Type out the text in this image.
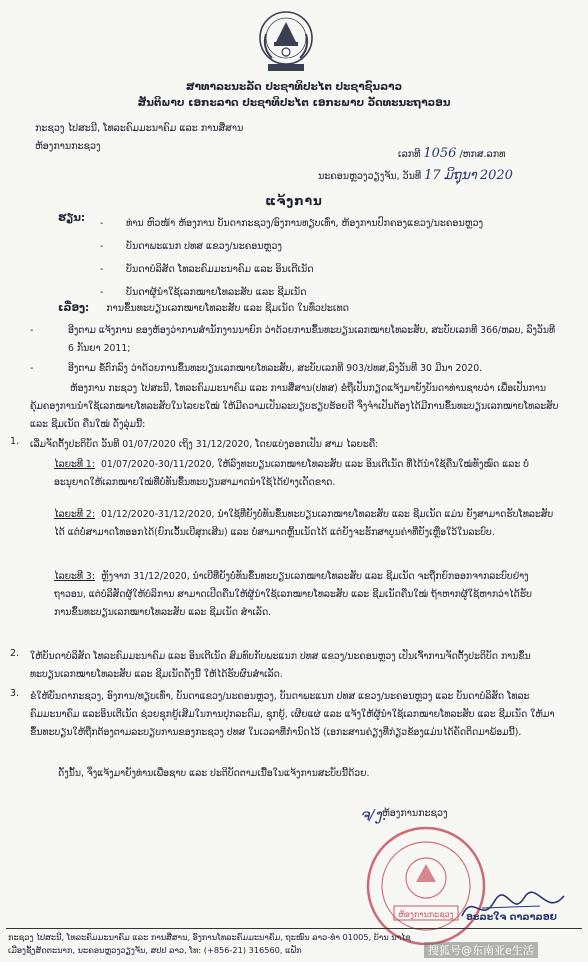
ສາທາລະນະລັດ ປະຊາທິປະໄຕ ປະຊາຊົນລາວ
ສັນຕິພາບ ເອກະລາດ ປະຊາທິປະໄຕ ເອກະພາບ ວັດທະນະຖາວອນ
ກະຊວງ ໄປສະນີ, ໂທລະຄົມມະນາຄົມ ແລະ ການສື່ສານ
ຫ້ອງການກະຊວງ
ເລກທີ 1056 /ຫກສ.ລກທ
ນະຄອນຫຼວງວຽງຈັນ, ວັນທີ 17 ມິຖຸນາ 2020
ແຈ້ງການ
ຮຽນ: -	ທ່ານ ຫົວໜ້າ ຫ້ອງການ ບັນດາກະຊວງ/ອົງການທຽບເທົ່າ, ຫ້ອງການປົກຄອງແຂວງ/ນະຄອນຫຼວງ
-	ບັນດາພະແນກ ປທສ ແຂວງ/ນະຄອນຫຼວງ
-	ບັນດາບໍລິສັດ ໂທລະຄົມມະນາຄົມ ແລະ ອິນເຕີເນັດ
-	ບັນດາຜູ້ນຳໃຊ້ເລກໝາຍໂທລະສັບ ແລະ ຊີມເນັດ
ເລື່ອງ: ການຂຶ້ນທະບຽນເລກໝາຍໂທລະສັບ ແລະ ຊີມເນັດ ໃນທົ່ວປະເທດ
-	ອີງຕາມ ແຈ້ງການ ຂອງຫ້ອງວ່າການສຳນັກງານນາຍົກ ວ່າດ້ວຍການຂຶ້ນທະບຽນເລກໝາຍໂທລະສັບ, ສະບັບເລກທີ 366/ຫລບ, ລົງວັນທີ 6 ກັນຍາ 2011;
-	ອີງຕາມ ຂໍ້ຕົກລົງ ວ່າດ້ວຍການຂຶ້ນທະບຽນເລກໝາຍໂທລະສັບ, ສະບັບເລກທີ 903/ປທສ,ລົງວັນທີ 30 ມີນາ 2020.
ຫ້ອງການ ກະຊວງ ໄປສະນີ, ໂທລະຄົມມະນາຄົມ ແລະ ການສື່ສານ(ປທສ) ຂໍຖືເປັນກຽດແຈ້ງມາຍັງບັນດາທ່ານຊາບວ່າ ເພື່ອເປັນການຄຸ້ມຄອງການນຳໃຊ້ເລກໝາຍໂທລະສັບໃນໄລຍະໃໝ່ ໃຫ້ມີຄວາມເປັນລະບຽບຮຽບຮ້ອຍດີ ຈຶ່ງຈຳເປັນຕ້ອງໄດ້ມີການຂຶ້ນທະບຽນເລກໝາຍໂທລະສັບ ແລະ ຊີມເນັດ ຄືນໃໝ່ ດັ່ງລຸ່ມນີ້:
1. ເລີ່ມຈັດຕັ້ງປະຕິບັດ ວັນທີ 01/07/2020 ເຖິງ 31/12/2020, ໂດຍແບ່ງອອກເປັນ ສາມ ໄລຍະຄື:
ໄລຍະທີ 1: 01/07/2020-30/11/2020, ໃຫ້ລົງທະບຽນເລກໝາຍໂທລະສັບ ແລະ ອິນເຕີເນັດ ທີ່ໄດ້ນຳໃຊ້ຄືນໃໝ່ທັງໝົດ ແລະ ບໍ່ອະນຸຍາດໃຫ້ເລກໝາຍໃໝ່ທີ່ບໍ່ທັນຂຶ້ນທະບຽນສາມາດນຳໃຊ້ໄດ້ຢ່າງເດັດຂາດ.
ໄລຍະທີ 2: 01/12/2020-31/12/2020, ນຳໃຊ້ທີ່ຍັງບໍ່ທັນຂຶ້ນທະບຽນເລກໝາຍໂທລະສັບ ແລະ ຊີມເນັດ ແມ່ນ ຍັງສາມາດຮັບໂທລະສັບໄດ້ ແຕ່ບໍ່ສາມາດໂທອອກໄດ້(ຍົກເວັ້ນເບີສຸກເສີນ) ແລະ ບໍ່ສາມາດຫຼິ້ນເນັດໄດ້ ແຕ່ຍັງຈະຮັກສາບູນຄ່າທີ່ຍັງເຫຼືອໃວ້ໃນລະບົບ.
ໄລຍະທີ 3: ຫຼັງຈາກ 31/12/2020, ນຳເບີທີ່ຍັງບໍ່ທັນຂຶ້ນທະບຽນເລກໝາຍໂທລະສັບ ແລະ ຊີມເນັດ ຈະຖືກຍົກອອກຈາກລະບົບຢ່າງຖາວອນ, ແຕ່ບໍລິສັດຜູ້ໃຫ້ບໍລິການ ສາມາດເປີດຄືນໃຫ້ຜູ້ນຳໃຊ້ເລກໝາຍໂທລະສັບ ແລະ ຊີມເນັດຄືນໃໝ່ ຖ້າຫາກຜູ້ໃຊ້ຫາກວ່າໄດ້ຮັບການຂຶ້ນທະບຽນເລກໝາຍໂທລະສັບ ແລະ ຊີມເນັດ ສຳເລັດ.
2. ໃຫ້ບັນດາບໍລິສັດ ໂທລະຄົມມະນາຄົມ ແລະ ອິນເຕີເນັດ ສົມທົບກັບພະແນກ ປທສ ແຂວງ/ນະຄອນຫຼວງ ເປັນເຈົ້າການຈັດຕັ້ງປະຕິບັດ ການຂຶ້ນທະບຽນເລກໝາຍໂທລະສັບ ແລະ ຊີມເນັດດັ່ງນີ້ ໃຫ້ໄດ້ຮັບຜົນສຳເລັດ.
3. ຂໍໃຫ້ບັນດາກະຊວງ, ອົງການ/ທຽບເທົ່າ, ບັນດາແຂວງ/ນະຄອນຫຼວງ, ບັນດາພະແນກ ປທສ ແຂວງ/ນະຄອນຫຼວງ ແລະ ບັນດາບໍລິສັດ ໂທລະຄົມມະນາຄົມ ແລະອິນເຕີເນັດ ຊ່ວຍຊຸກຍູ້ເສີມໃນການປຸກລະດົມ, ຊຸກຍູ້, ເຜີຍແຜ່ ແລະ ແຈ້ງໃຫ້ຜູ້ນຳໃຊ້ເລກໝາຍໂທລະສັບ ແລະ ຊີມເນັດ ໃຫ້ມາຂຶ້ນທະບຽນໃຫ້ຖືກຕ້ອງຕາມລະບຽບການຂອງກະຊວງ ປທສ ໃນເວລາທີ່ກຳນົດໄວ້ (ເອກະສານຄ່ຽງທີ່ກ່ຽວຂ້ອງແມ່ນໄດ້ຄັດຕິດມາພ້ອມນີ້).
ດັ່ງນັ້ນ, ຈຶ່ງແຈ້ງມາຍັງທ່ານເພື່ອຊາບ ແລະ ປະຕິບັດຕາມເນື້ອໃນແຈ້ງການສະບັບນີ້ດ້ວຍ.
ຈ/ງ.
ຫ້ອງການກະຊວງ
ຫ້ອງການກະຊວງ ອະລະໃຈ ດາລາລອຍ
ກະຊວງ ໄປສະນີ, ໂທລະຄົມມະນາຄົມ ແລະ ການສື່ສານ, ອົງການໂທລະຄົມມະນາຄົມ, ຖະໜົນ ລາວ-ທຳ 01005, ບ້ານ ນາໄຊ
ເມືອງຊັ້ງສັດຕະນາກ, ນະຄອນຫຼວງວຽງຈັນ, ສປປ ລາວ, ໂທ: (+856-21) 316560, ແຟັກ	搜狐号@东南亚e生活
